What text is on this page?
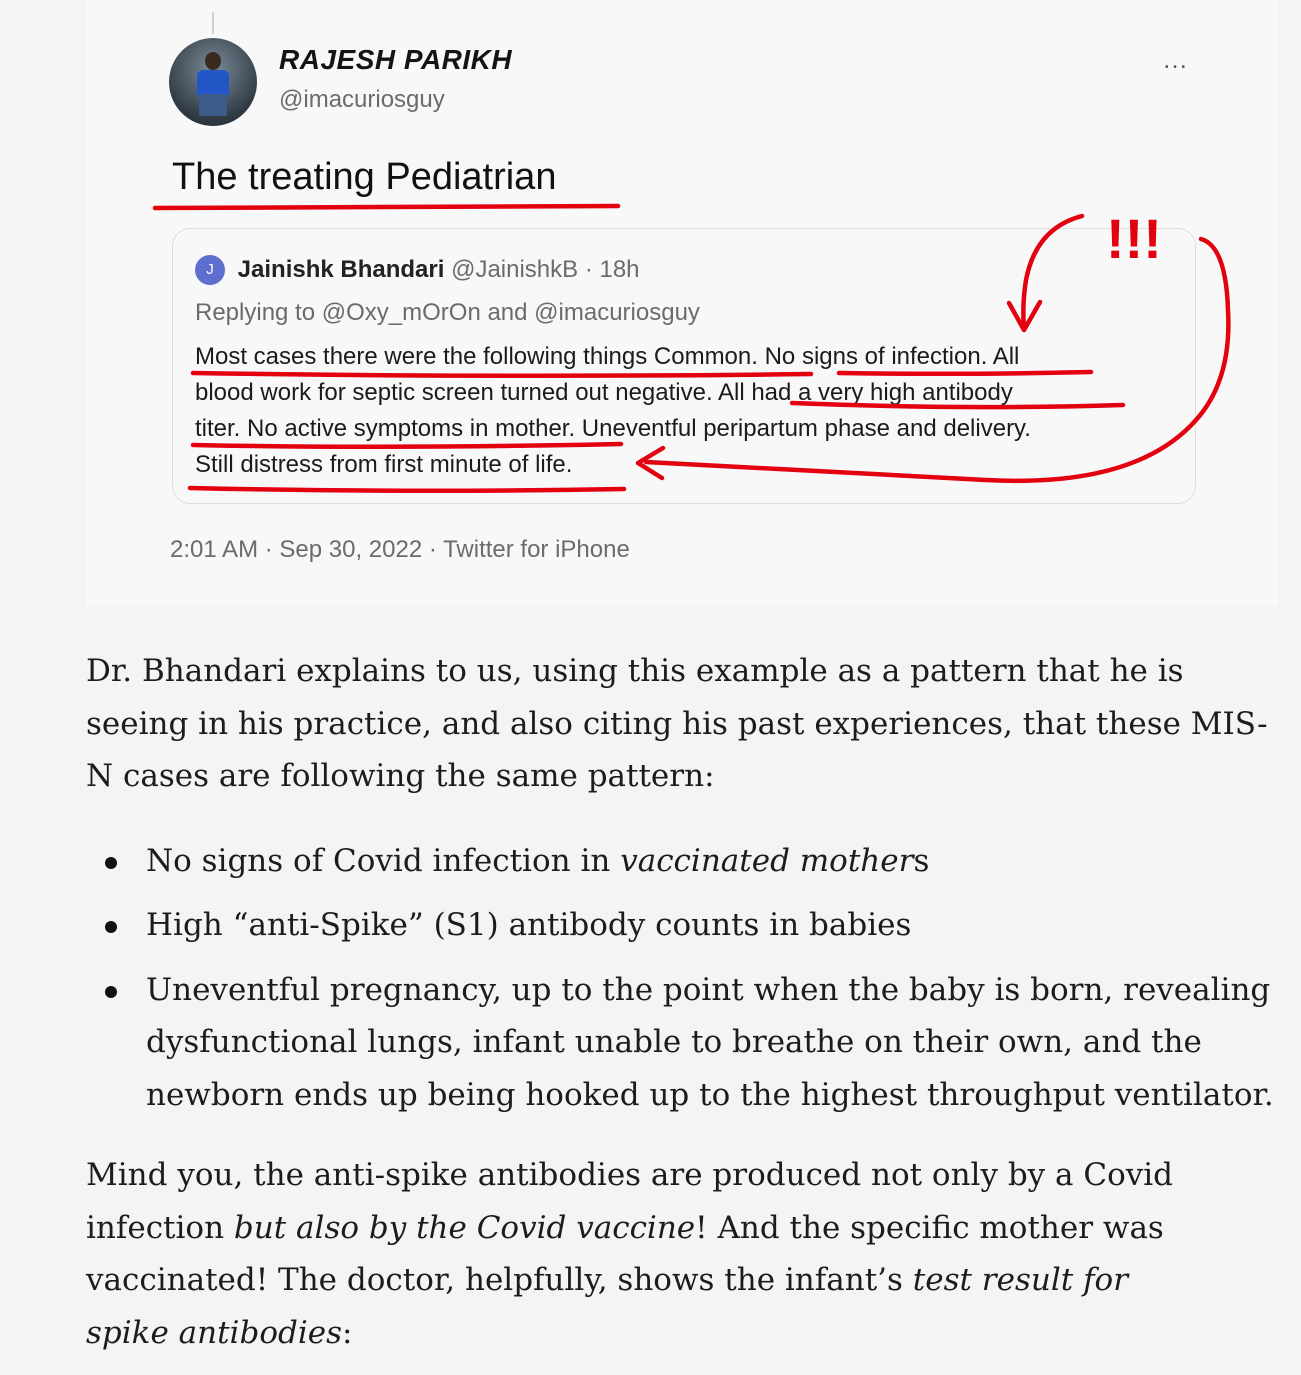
RAJESH PARIKH
@imacuriosguy
…
The treating Pediatrian
J Jainishk Bhandari @JainishkB · 18h
Replying to @Oxy_mOrOn and @imacuriosguy

Most cases there were the following things Common. No signs of infection. All

blood work for septic screen turned out negative. All had a very high antibody

titer. No active symptoms in mother. Uneventful peripartum phase and delivery.

Still distress from first minute of life.

2:01 AM · Sep 30, 2022 · Twitter for iPhone
!!!

Dr. Bhandari explains to us, using this example as a pattern that he is seeing in his practice, and also citing his past experiences, that these MIS-N cases are following the same pattern:

No signs of Covid infection in vaccinated mothers
High “anti-Spike” (S1) antibody counts in babies
Uneventful pregnancy, up to the point when the baby is born, revealing dysfunctional lungs, infant unable to breathe on their own, and the newborn ends up being hooked up to the highest throughput ventilator.

Mind you, the anti-spike antibodies are produced not only by a Covid infection but also by the Covid vaccine! And the specific mother was vaccinated! The doctor, helpfully, shows the infant’s test result for spike antibodies:
